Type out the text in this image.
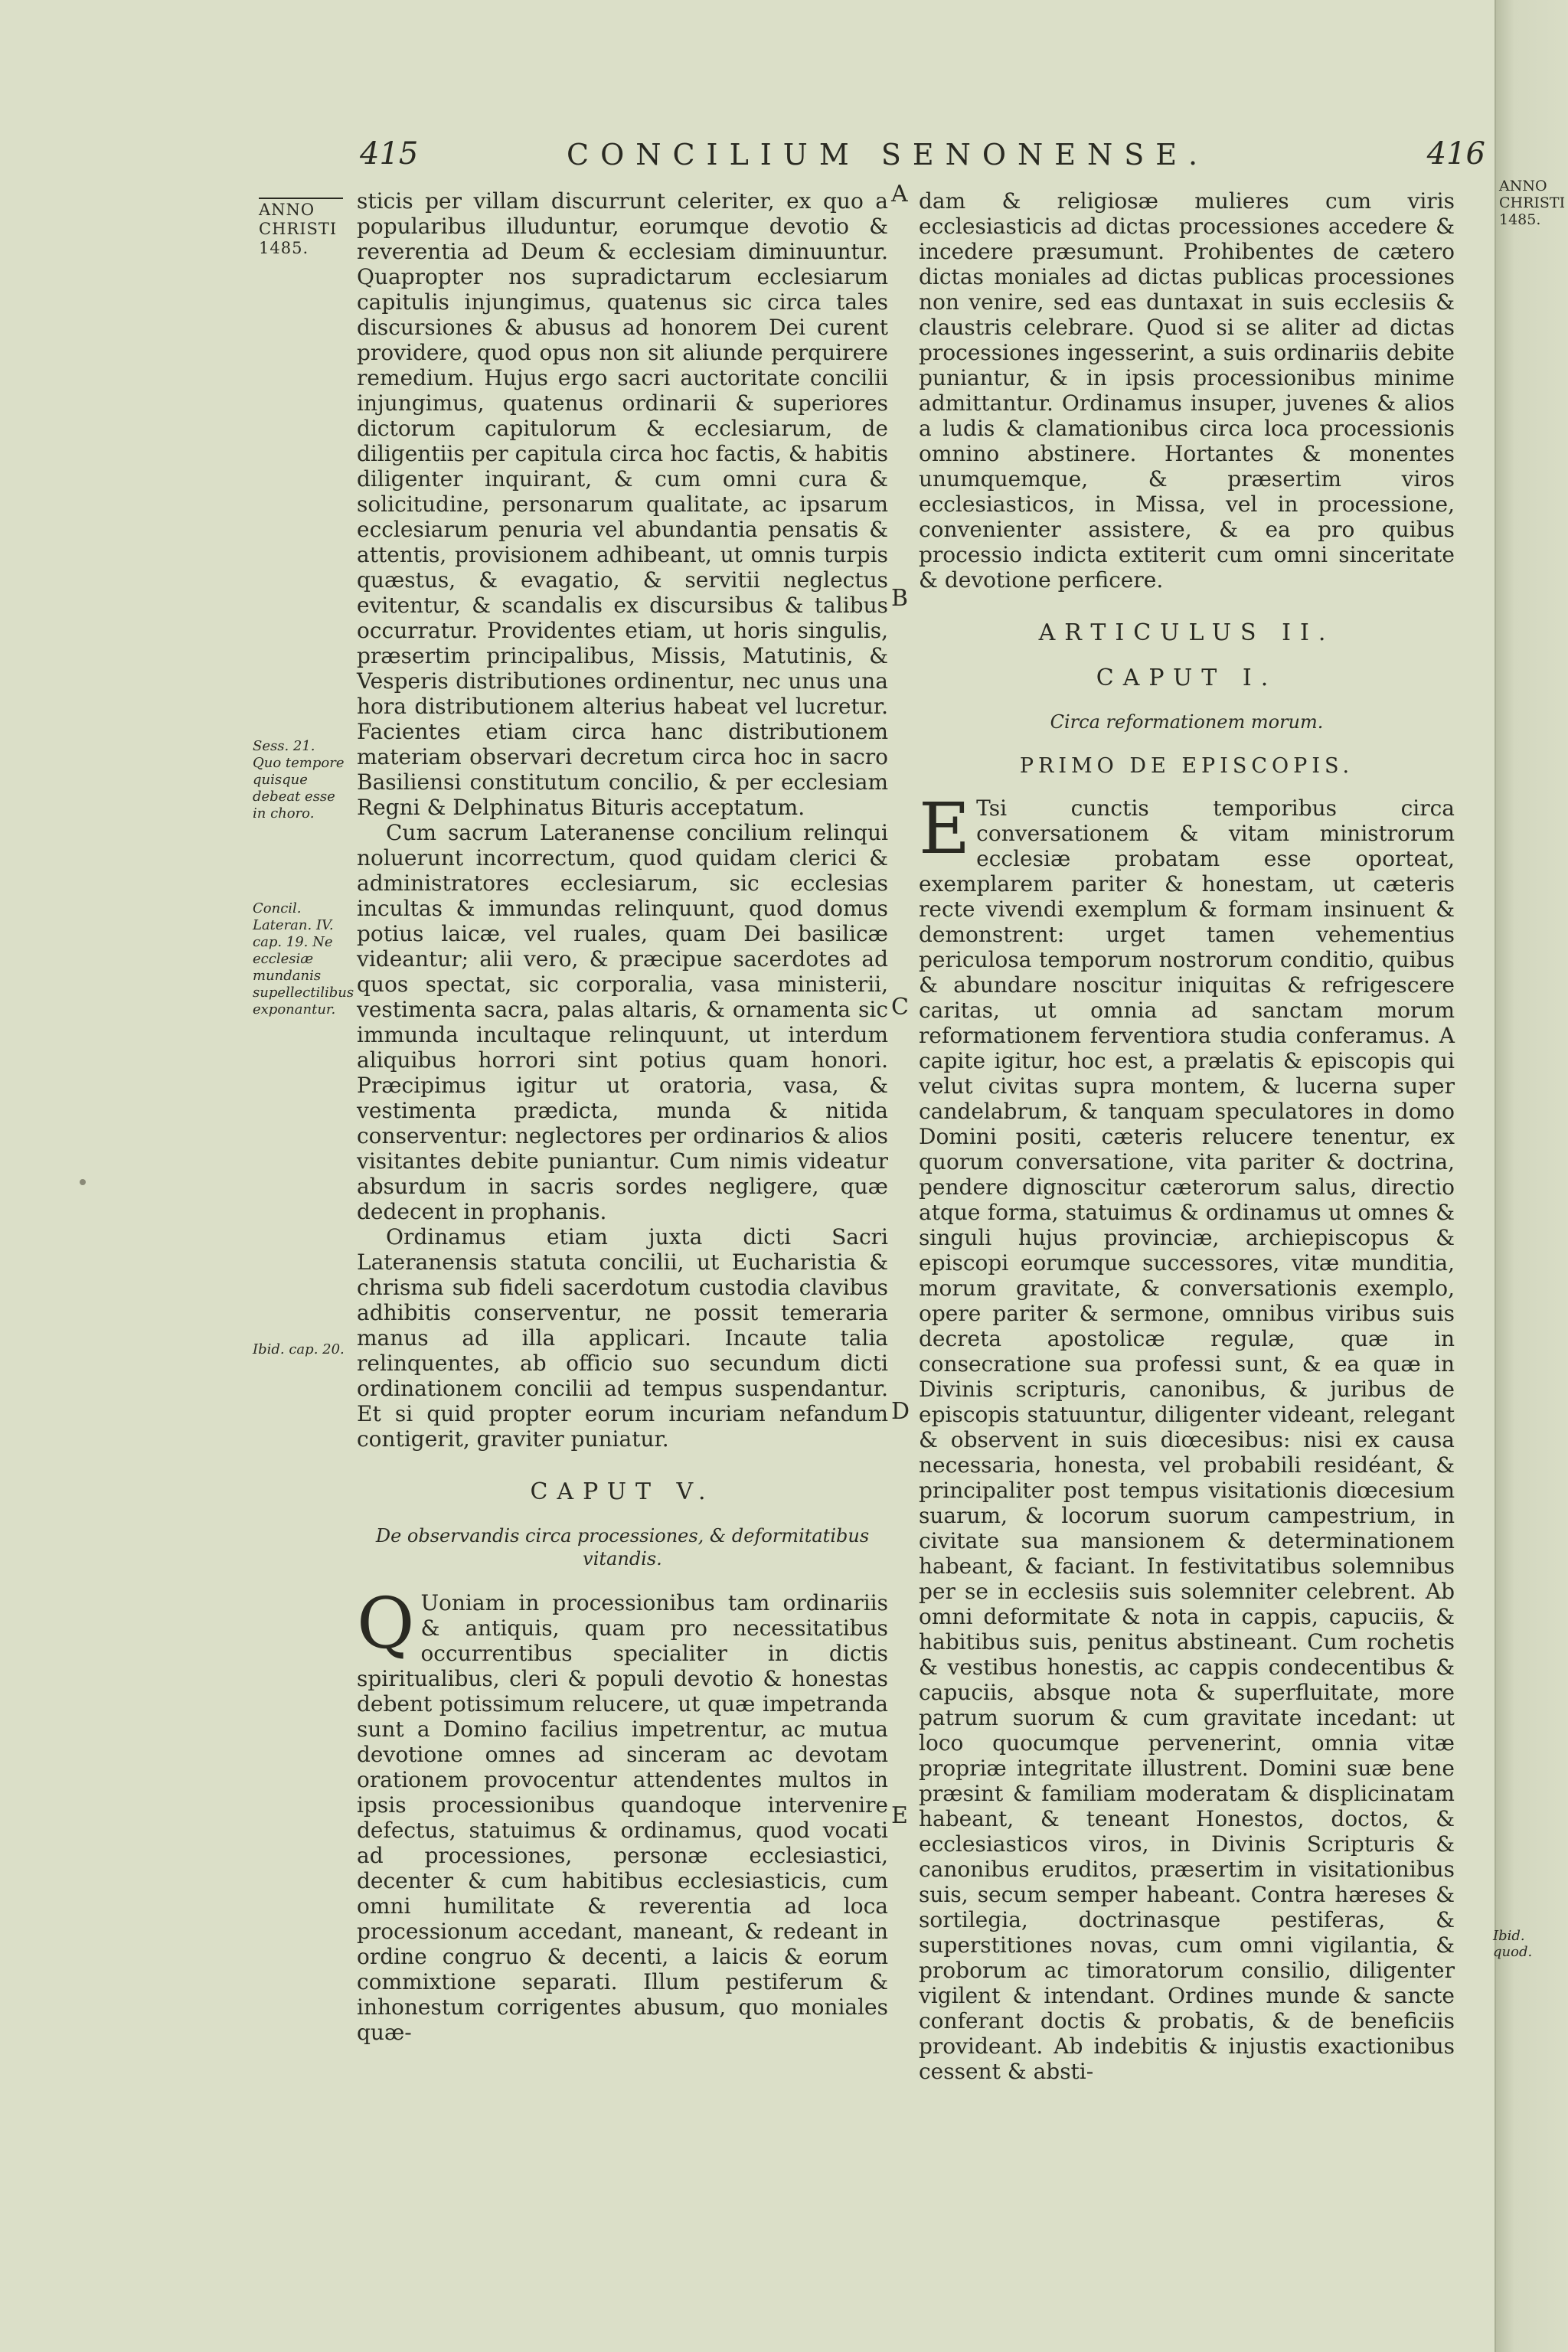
415	CONCILIUM SENONENSE.	416
ANNO
CHRISTI
1485.
Sess. 21. Quo tempore quisque debeat esse in choro.
Concil. Lateran. IV. cap. 19. Ne ecclesiæ mundanis supellectilibus exponantur.
Ibid. cap. 20.
A
B
C
D
E

sticis per villam discurrunt celeriter, ex quo a popularibus illuduntur, eorumque devotio & reverentia ad Deum & ecclesiam diminuuntur. Quapropter nos supradictarum ecclesiarum capitulis injungimus, quatenus sic circa tales discursiones & abusus ad honorem Dei curent providere, quod opus non sit aliunde perquirere remedium. Hujus ergo sacri auctoritate concilii injungimus, quatenus ordinarii & superiores dictorum capitulorum & ecclesiarum, de diligentiis per capitula circa hoc factis, & habitis diligenter inquirant, & cum omni cura & solicitudine, personarum qualitate, ac ipsarum ecclesiarum penuria vel abundantia pensatis & attentis, provisionem adhibeant, ut omnis turpis quæstus, & evagatio, & servitii neglectus evitentur, & scandalis ex discursibus & talibus occurratur. Providentes etiam, ut horis singulis, præsertim principalibus, Missis, Matutinis, & Vesperis distributiones ordinentur, nec unus una hora distributionem alterius habeat vel lucretur. Facientes etiam circa hanc distributionem materiam observari decretum circa hoc in sacro Basiliensi constitutum concilio, & per ecclesiam Regni & Delphinatus Bituris acceptatum.

Cum sacrum Lateranense concilium relinqui noluerunt incorrectum, quod quidam clerici & administratores ecclesiarum, sic ecclesias incultas & immundas relinquunt, quod domus potius laicæ, vel ruales, quam Dei basilicæ videantur; alii vero, & præcipue sacerdotes ad quos spectat, sic corporalia, vasa ministerii, vestimenta sacra, palas altaris, & ornamenta sic immunda incultaque relinquunt, ut interdum aliquibus horrori sint potius quam honori. Præcipimus igitur ut oratoria, vasa, & vestimenta prædicta, munda & nitida conserventur: neglectores per ordinarios & alios visitantes debite puniantur. Cum nimis videatur absurdum in sacris sordes negligere, quæ dedecent in prophanis.

Ordinamus etiam juxta dicti Sacri Lateranensis statuta concilii, ut Eucharistia & chrisma sub fideli sacerdotum custodia clavibus adhibitis conserventur, ne possit temeraria manus ad illa applicari. Incaute talia relinquentes, ab officio suo secundum dicti ordinationem concilii ad tempus suspendantur. Et si quid propter eorum incuriam nefandum contigerit, graviter puniatur.

CAPUT V.

De observandis circa processiones, & deformitatibus vitandis.

Q Uoniam in processionibus tam ordinariis & antiquis, quam pro necessitatibus occurrentibus specialiter in dictis spiritualibus, cleri & populi devotio & honestas debent potissimum relucere, ut quæ impetranda sunt a Domino facilius impetrentur, ac mutua devotione omnes ad sinceram ac devotam orationem provocentur attendentes multos in ipsis processionibus quandoque intervenire defectus, statuimus & ordinamus, quod vocati ad processiones, personæ ecclesiastici, decenter & cum habitibus ecclesiasticis, cum omni humilitate & reverentia ad loca processionum accedant, maneant, & redeant in ordine congruo & decenti, a laicis & eorum commixtione separati. Illum pestiferum & inhonestum corrigentes abusum, quo moniales quæ-

dam & religiosæ mulieres cum viris ecclesiasticis ad dictas processiones accedere & incedere præsumunt. Prohibentes de cætero dictas moniales ad dictas publicas processiones non venire, sed eas duntaxat in suis ecclesiis & claustris celebrare. Quod si se aliter ad dictas processiones ingesserint, a suis ordinariis debite puniantur, & in ipsis processionibus minime admittantur. Ordinamus insuper, juvenes & alios a ludis & clamationibus circa loca processionis omnino abstinere. Hortantes & monentes unumquemque, & præsertim viros ecclesiasticos, in Missa, vel in processione, convenienter assistere, & ea pro quibus processio indicta extiterit cum omni sinceritate & devotione perficere.

ARTICULUS II.

CAPUT I.

Circa reformationem morum.

PRIMO DE EPISCOPIS.

E Tsi cunctis temporibus circa conversationem & vitam ministrorum ecclesiæ probatam esse oporteat, exemplarem pariter & honestam, ut cæteris recte vivendi exemplum & formam insinuent & demonstrent: urget tamen vehementius periculosa temporum nostrorum conditio, quibus & abundare noscitur iniquitas & refrigescere caritas, ut omnia ad sanctam morum reformationem ferventiora studia conferamus. A capite igitur, hoc est, a prælatis & episcopis qui velut civitas supra montem, & lucerna super candelabrum, & tanquam speculatores in domo Domini positi, cæteris relucere tenentur, ex quorum conversatione, vita pariter & doctrina, pendere dignoscitur cæterorum salus, directio atque forma, statuimus & ordinamus ut omnes & singuli hujus provinciæ, archiepiscopus & episcopi eorumque successores, vitæ munditia, morum gravitate, & conversationis exemplo, opere pariter & sermone, omnibus viribus suis decreta apostolicæ regulæ, quæ in consecratione sua professi sunt, & ea quæ in Divinis scripturis, canonibus, & juribus de episcopis statuuntur, diligenter videant, relegant & observent in suis diœcesibus: nisi ex causa necessaria, honesta, vel probabili residéant, & principaliter post tempus visitationis diœcesium suarum, & locorum suorum campestrium, in civitate sua mansionem & determinationem habeant, & faciant. In festivitatibus solemnibus per se in ecclesiis suis solemniter celebrent. Ab omni deformitate & nota in cappis, capuciis, & habitibus suis, penitus abstineant. Cum rochetis & vestibus honestis, ac cappis condecentibus & capuciis, absque nota & superfluitate, more patrum suorum & cum gravitate incedant: ut loco quocumque pervenerint, omnia vitæ propriæ integritate illustrent. Domini suæ bene præsint & familiam moderatam & displicinatam habeant, & teneant Honestos, doctos, & ecclesiasticos viros, in Divinis Scripturis & canonibus eruditos, præsertim in visitationibus suis, secum semper habeant. Contra hæreses & sortilegia, doctrinasque pestiferas, & superstitiones novas, cum omni vigilantia, & proborum ac timoratorum consilio, diligenter vigilent & intendant. Ordines munde & sancte conferant doctis & probatis, & de beneficiis provideant. Ab indebitis & injustis exactionibus cessent & absti-

ANNO
CHRISTI
1485.
Ibid. quod.
